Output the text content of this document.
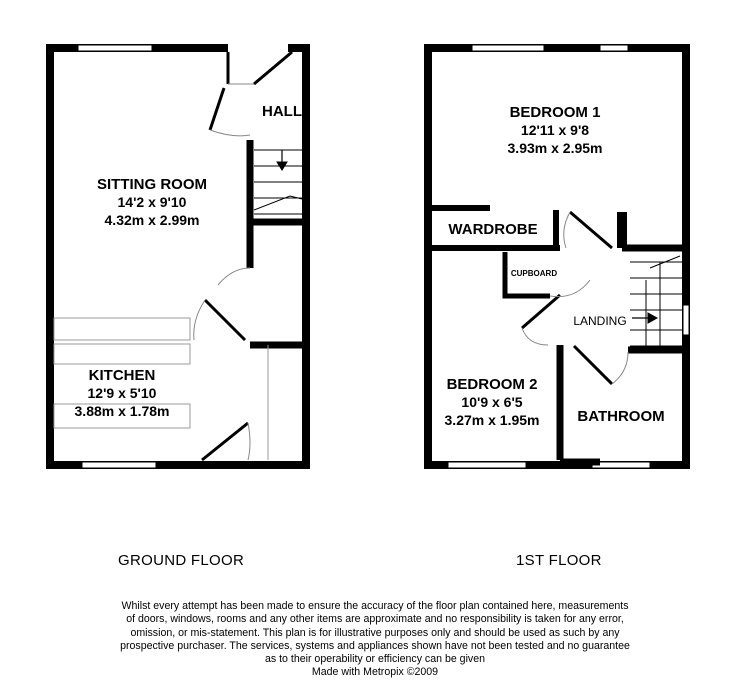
HALL
SITTING ROOM
14'2 x 9'10
4.32m x 2.99m
KITCHEN
12'9 x 5'10
3.88m x 1.78m
BEDROOM 1
12'11 x 9'8
3.93m x 2.95m
WARDROBE
CUPBOARD
LANDING
BEDROOM 2
10'9 x 6'5
3.27m x 1.95m	BATHROOM
GROUND FLOOR	1ST FLOOR

Whilst every attempt has been made to ensure the accuracy of the floor plan contained here, measurements

of doors, windows, rooms and any other items are approximate and no responsibility is taken for any error,

omission, or mis-statement. This plan is for illustrative purposes only and should be used as such by any

prospective purchaser. The services, systems and appliances shown have not been tested and no guarantee

as to their operability or efficiency can be given

Made with Metropix ©2009
